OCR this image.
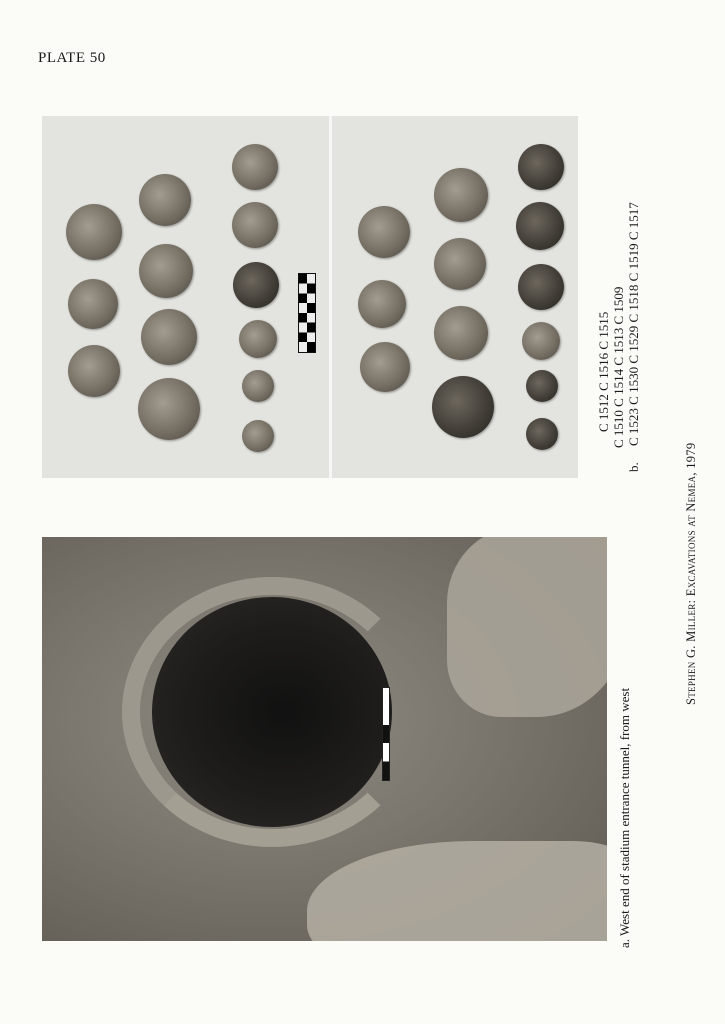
PLATE 50
C 1512 C 1516 C 1515 C 1510 C 1514 C 1513 C 1509
b.     C 1523 C 1530 C 1529 C 1518 C 1519 C 1517
a. West end of stadium entrance tunnel, from west
Stephen G. Miller: Excavations at Nemea, 1979
